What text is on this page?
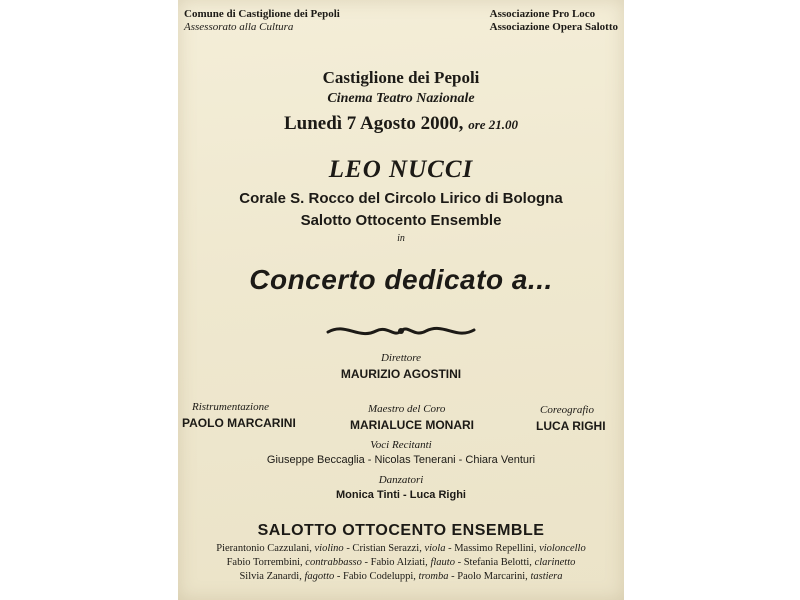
Comune di Castiglione dei Pepoli
Assessorato alla Cultura
Associazione Pro Loco
Associazione Opera Salotto
Castiglione dei Pepoli
Cinema Teatro Nazionale
Lunedì 7 Agosto 2000, ore 21.00
LEO NUCCI
Corale S. Rocco del Circolo Lirico di Bologna
Salotto Ottocento Ensemble
in
Concerto dedicato a...
Direttore
MAURIZIO AGOSTINI
Ristrumentazione
PAOLO MARCARINI
Maestro del Coro
MARIALUCE MONARI
Coreografio
LUCA RIGHI
Voci Recitanti
Giuseppe Beccaglia - Nicolas Tenerani - Chiara Venturi
Danzatori
Monica Tinti - Luca Righi
SALOTTO OTTOCENTO ENSEMBLE
Pierantonio Cazzulani, violino - Cristian Serazzi, viola - Massimo Repellini, violoncello
Fabio Torrembini, contrabbasso - Fabio Alziati, flauto - Stefania Belotti, clarinetto
Silvia Zanardi, fagotto - Fabio Codeluppi, tromba - Paolo Marcarini, tastiera
